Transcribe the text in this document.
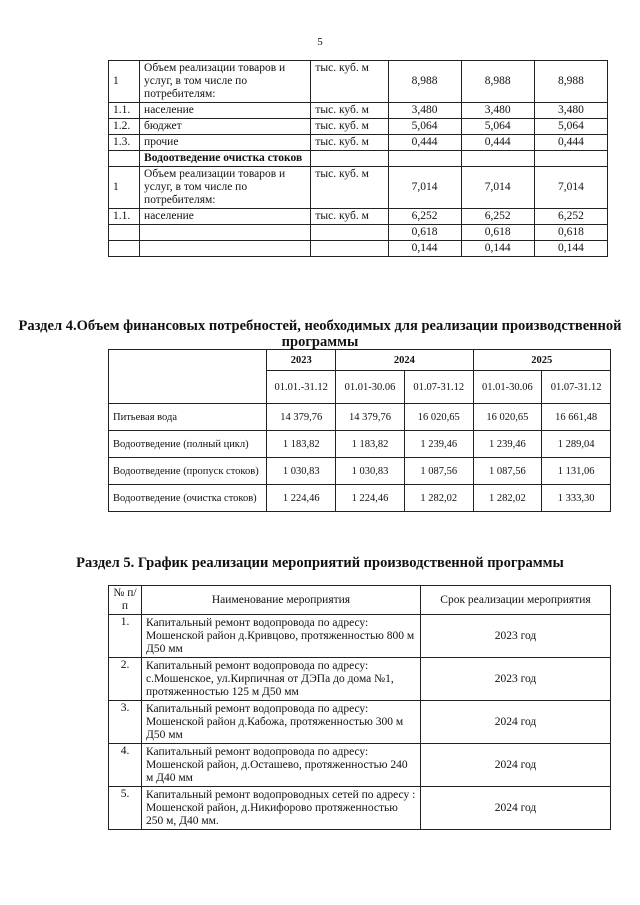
5
1	Объем реализации товаров и услуг, в том числе по потребителям:	тыс. куб. м	8,988	8,988	8,988
1.1.	население	тыс. куб. м	3,480	3,480	3,480
1.2.	бюджет	тыс. куб. м	5,064	5,064	5,064
1.3.	прочие	тыс. куб. м	0,444	0,444	0,444
	Водоотведение очистка стоков				
1	Объем реализации товаров и услуг, в том числе по потребителям:	тыс. куб. м	7,014	7,014	7,014
1.1.	население	тыс. куб. м	6,252	6,252	6,252
			0,618	0,618	0,618
			0,144	0,144	0,144
Раздел 4.Объем финансовых потребностей, необходимых для реализации производственной программы
	2023	2024		2025	
	01.01.-31.12	01.01-30.06	01.07-31.12	01.01-30.06	01.07-31.12
Питьевая вода	14 379,76	14 379,76	16 020,65	16 020,65	16 661,48
Водоотведение (полный цикл)	1 183,82	1 183,82	1 239,46	1 239,46	1 289,04
Водоотведение (пропуск стоков)	1 030,83	1 030,83	1 087,56	1 087,56	1 131,06
Водоотведение (очистка стоков)	1 224,46	1 224,46	1 282,02	1 282,02	1 333,30
Раздел 5. График реализации мероприятий производственной программы
№ п/п	Наименование мероприятия	Срок реализации мероприятия
1.	Капитальный ремонт водопровода по адресу: Мошенской район д.Кривцово, протяженностью 800 м Д50 мм	2023 год
2.	Капитальный ремонт водопровода по адресу: с.Мошенское, ул.Кирпичная от ДЭПа до дома №1, протяженностью 125 м Д50 мм	2023 год
3.	Капитальный ремонт водопровода по адресу: Мошенской район д.Кабожа, протяженностью 300 м Д50 мм	2024 год
4.	Капитальный ремонт водопровода по адресу: Мошенской район, д.Осташево, протяженностью 240 м Д40 мм	2024 год
5.	Капитальный ремонт водопроводных сетей по адресу : Мошенской район, д.Никифорово протяженностью 250 м, Д40 мм.	2024 год
